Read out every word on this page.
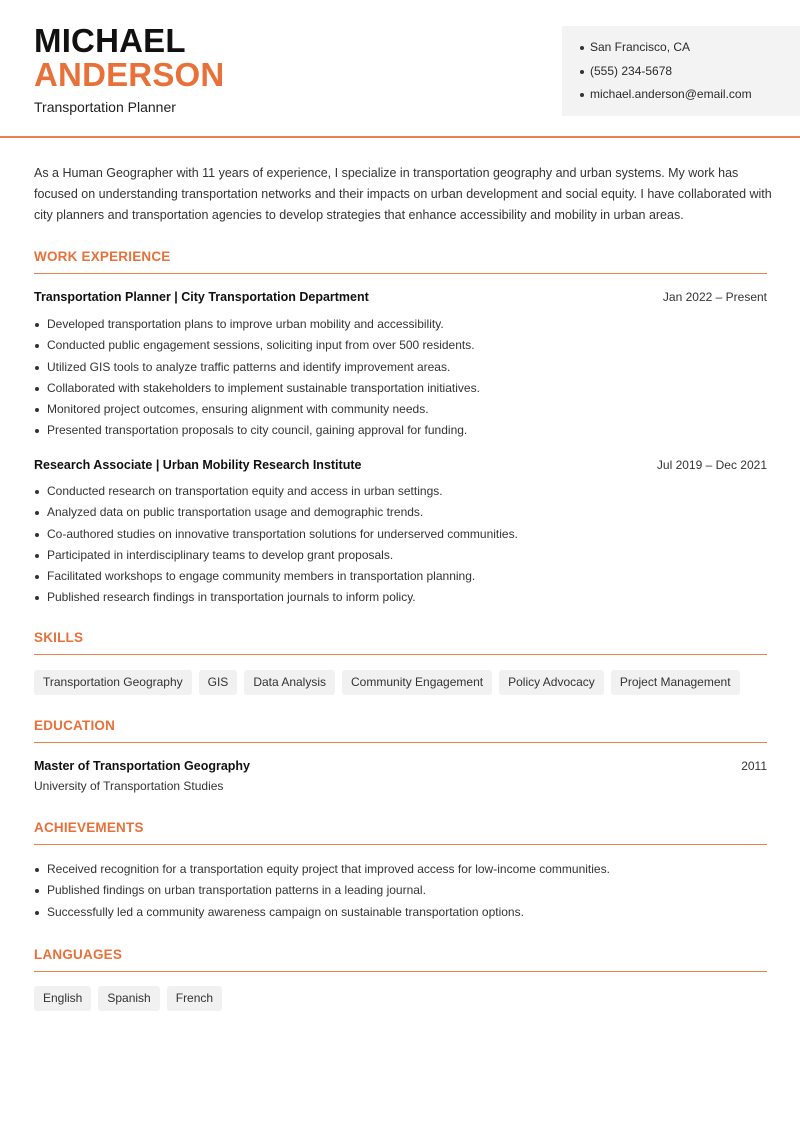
MICHAEL
ANDERSON
Transportation Planner
San Francisco, CA
(555) 234-5678
michael.anderson@email.com
As a Human Geographer with 11 years of experience, I specialize in transportation geography and urban systems. My work has focused on understanding transportation networks and their impacts on urban development and social equity. I have collaborated with city planners and transportation agencies to develop strategies that enhance accessibility and mobility in urban areas.
WORK EXPERIENCE
Transportation Planner | City Transportation Department	Jan 2022 – Present
Developed transportation plans to improve urban mobility and accessibility.
Conducted public engagement sessions, soliciting input from over 500 residents.
Utilized GIS tools to analyze traffic patterns and identify improvement areas.
Collaborated with stakeholders to implement sustainable transportation initiatives.
Monitored project outcomes, ensuring alignment with community needs.
Presented transportation proposals to city council, gaining approval for funding.
Research Associate | Urban Mobility Research Institute	Jul 2019 – Dec 2021
Conducted research on transportation equity and access in urban settings.
Analyzed data on public transportation usage and demographic trends.
Co-authored studies on innovative transportation solutions for underserved communities.
Participated in interdisciplinary teams to develop grant proposals.
Facilitated workshops to engage community members in transportation planning.
Published research findings in transportation journals to inform policy.
SKILLS
Transportation Geography	GIS	Data Analysis	Community Engagement	Policy Advocacy	Project Management
EDUCATION
Master of Transportation Geography	2011
University of Transportation Studies
ACHIEVEMENTS
Received recognition for a transportation equity project that improved access for low-income communities.
Published findings on urban transportation patterns in a leading journal.
Successfully led a community awareness campaign on sustainable transportation options.
LANGUAGES
English	Spanish	French
